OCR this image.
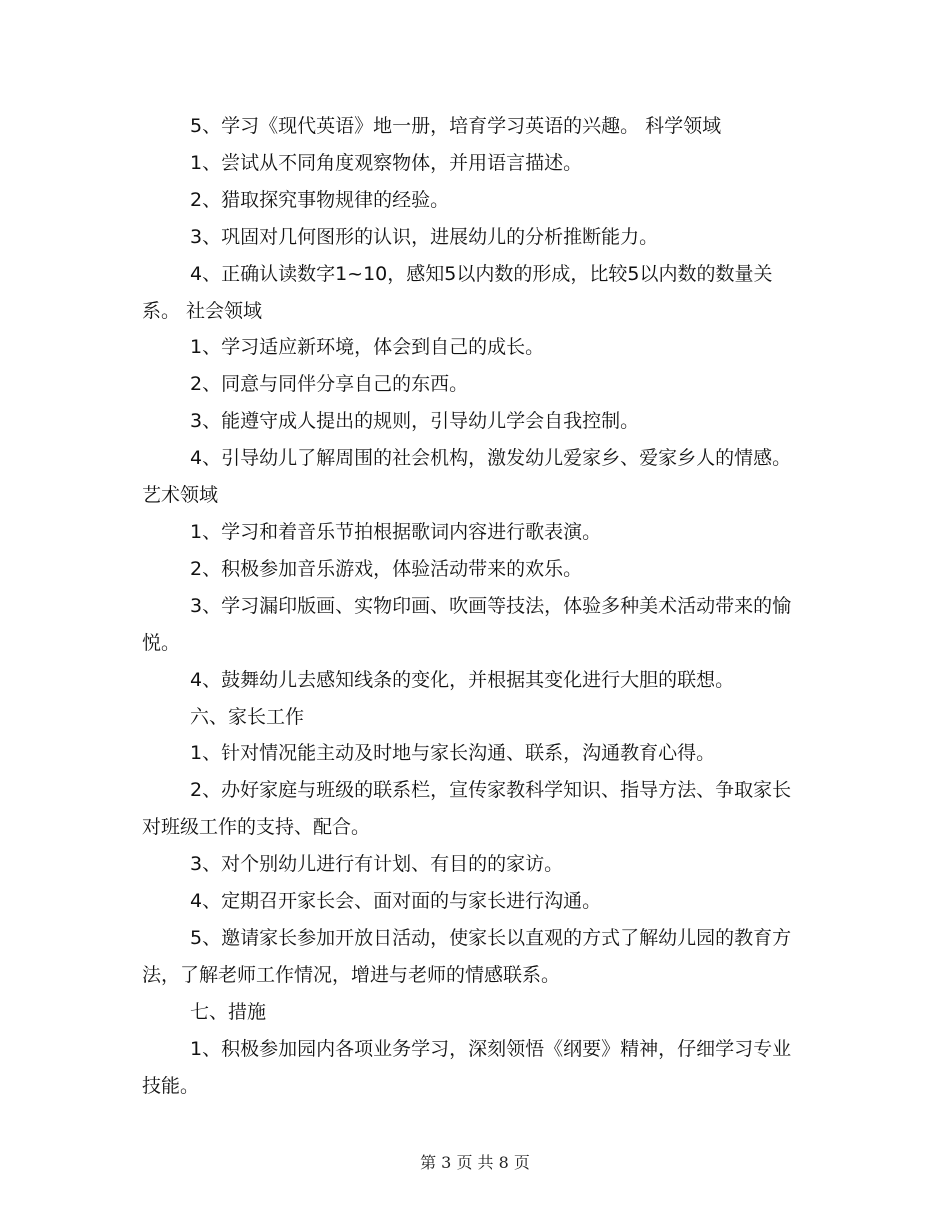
5、学习《现代英语》地一册，培育学习英语的兴趣。 科学领域

1、尝试从不同角度观察物体，并用语言描述。

2、猎取探究事物规律的经验。

3、巩固对几何图形的认识，进展幼儿的分析推断能力。

4、正确认读数字1~10，感知5以内数的形成，比较5以内数的数量关系。 社会领域

1、学习适应新环境，体会到自己的成长。

2、同意与同伴分享自己的东西。

3、能遵守成人提出的规则，引导幼儿学会自我控制。

4、引导幼儿了解周围的社会机构，激发幼儿爱家乡、爱家乡人的情感。 艺术领域

1、学习和着音乐节拍根据歌词内容进行歌表演。

2、积极参加音乐游戏，体验活动带来的欢乐。

3、学习漏印版画、实物印画、吹画等技法，体验多种美术活动带来的愉悦。

4、鼓舞幼儿去感知线条的变化，并根据其变化进行大胆的联想。

六、家长工作

1、针对情况能主动及时地与家长沟通、联系，沟通教育心得。

2、办好家庭与班级的联系栏，宣传家教科学知识、指导方法、争取家长对班级工作的支持、配合。

3、对个别幼儿进行有计划、有目的的家访。

4、定期召开家长会、面对面的与家长进行沟通。

5、邀请家长参加开放日活动，使家长以直观的方式了解幼儿园的教育方法，了解老师工作情况，增进与老师的情感联系。

七、措施

1、积极参加园内各项业务学习，深刻领悟《纲要》精神，仔细学习专业技能。

第 3 页 共 8 页
